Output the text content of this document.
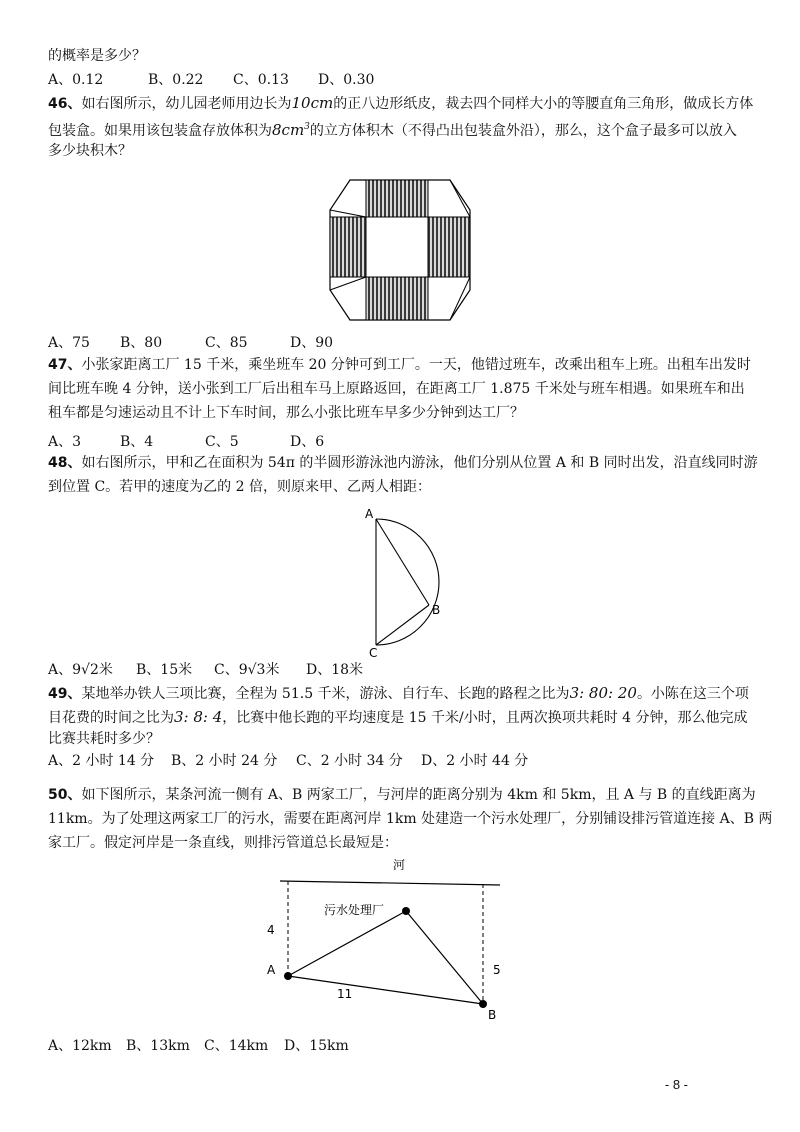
的概率是多少？
A、0.12	B、0.22 C、0.13 D、0.30
46、如右图所示，幼儿园老师用边长为10cm的正八边形纸皮，裁去四个同样大小的等腰直角三角形，做成长方体
包装盒。如果用该包装盒存放体积为$8cm^3$的立方体积木（不得凸出包装盒外沿），那么，这个盒子最多可以放入
多少块积木？
A、75 B、80	C、85	D、90
47、小张家距离工厂 15 千米，乘坐班车 20 分钟可到工厂。一天，他错过班车，改乘出租车上班。出租车出发时
间比班车晚 4 分钟，送小张到工厂后出租车马上原路返回，在距离工厂 1.875 千米处与班车相遇。如果班车和出
租车都是匀速运动且不计上下车时间，那么小张比班车早多少分钟到达工厂？
A、3	B、4	C、5	D、6
48、如右图所示，甲和乙在面积为 54π 的半圆形游泳池内游泳，他们分别从位置 A 和 B 同时出发，沿直线同时游
到位置 C。若甲的速度为乙的 2 倍，则原来甲、乙两人相距：
A
B
C
A、9√2米 B、15米 C、9√3米 D、18米
49、某地举办铁人三项比赛，全程为 51.5 千米，游泳、自行车、长跑的路程之比为3: 80: 20。小陈在这三个项
目花费的时间之比为3: 8: 4，比赛中他长跑的平均速度是 15 千米/小时，且两次换项共耗时 4 分钟，那么他完成
比赛共耗时多少？
A、2 小时 14 分 B、2 小时 24 分 C、2 小时 34 分 D、2 小时 44 分
50、如下图所示，某条河流一侧有 A、B 两家工厂，与河岸的距离分别为 4km 和 5km，且 A 与 B 的直线距离为
11km。为了处理这两家工厂的污水，需要在距离河岸 1km 处建造一个污水处理厂，分别铺设排污管道连接 A、B 两
家工厂。假定河岸是一条直线，则排污管道总长最短是：
河
污水处理厂
4
5
11
A
B
A、12km B、13km C、14km D、15km
- 8 -
